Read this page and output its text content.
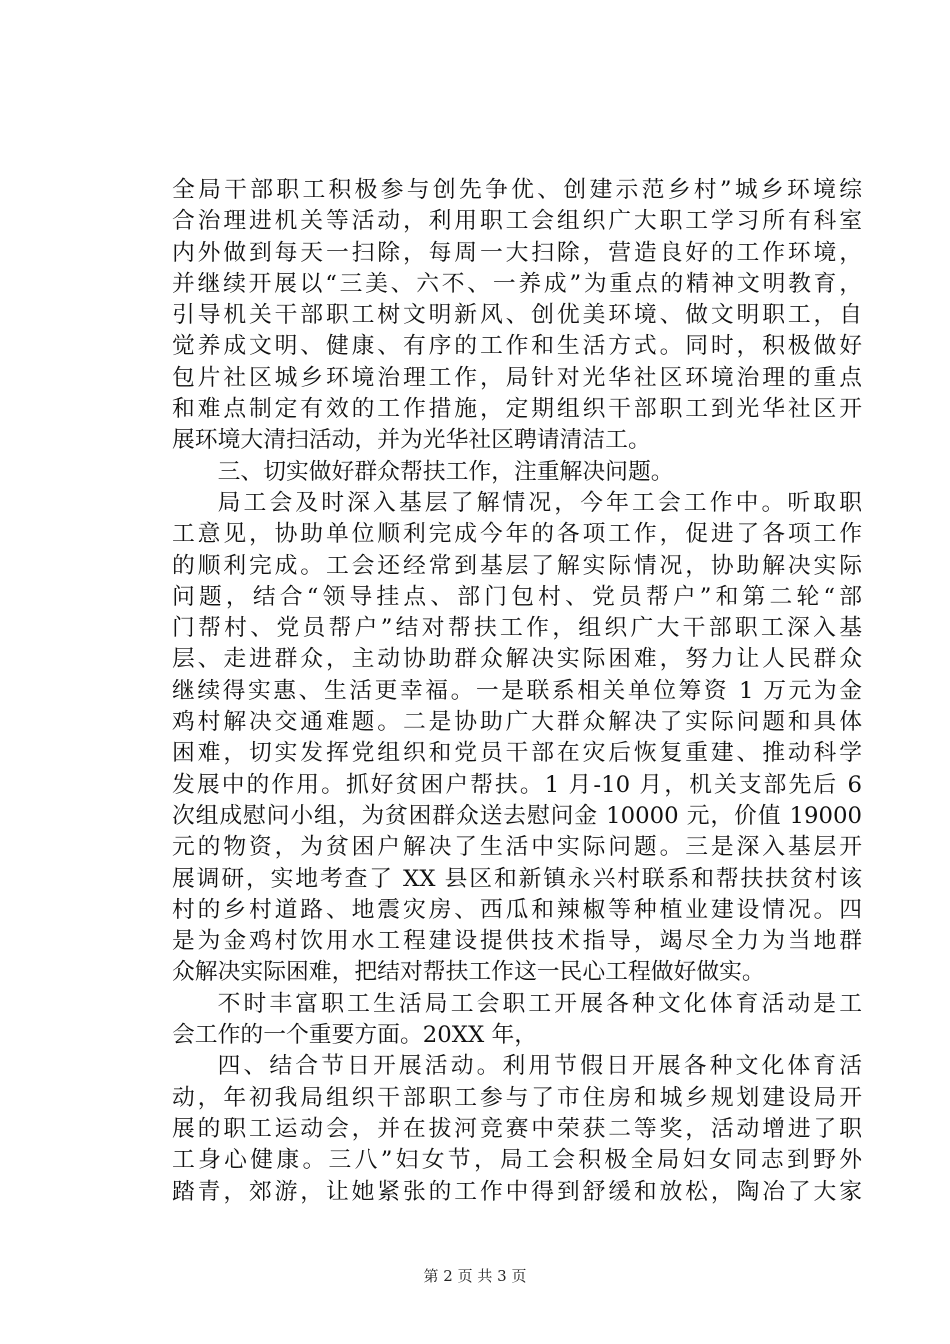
全局干部职工积极参与创先争优、创建示范乡村”城乡环境综
合治理进机关等活动，利用职工会组织广大职工学习所有科室
内外做到每天一扫除，每周一大扫除，营造良好的工作环境，
并继续开展以“三美、六不、一养成”为重点的精神文明教育，
引导机关干部职工树文明新风、创优美环境、做文明职工，自
觉养成文明、健康、有序的工作和生活方式。同时，积极做好
包片社区城乡环境治理工作，局针对光华社区环境治理的重点
和难点制定有效的工作措施，定期组织干部职工到光华社区开
展环境大清扫活动，并为光华社区聘请清洁工。
三、切实做好群众帮扶工作，注重解决问题。
局工会及时深入基层了解情况，今年工会工作中。听取职
工意见，协助单位顺利完成今年的各项工作，促进了各项工作
的顺利完成。工会还经常到基层了解实际情况，协助解决实际
问题，结合“领导挂点、部门包村、党员帮户”和第二轮“部
门帮村、党员帮户”结对帮扶工作，组织广大干部职工深入基
层、走进群众，主动协助群众解决实际困难，努力让人民群众
继续得实惠、生活更幸福。一是联系相关单位筹资 1 万元为金
鸡村解决交通难题。二是协助广大群众解决了实际问题和具体
困难，切实发挥党组织和党员干部在灾后恢复重建、推动科学
发展中的作用。抓好贫困户帮扶。1 月-10 月，机关支部先后 6
次组成慰问小组，为贫困群众送去慰问金 10000 元，价值 19000
元的物资，为贫困户解决了生活中实际问题。三是深入基层开
展调研，实地考查了 XX 县区和新镇永兴村联系和帮扶扶贫村该
村的乡村道路、地震灾房、西瓜和辣椒等种植业建设情况。四
是为金鸡村饮用水工程建设提供技术指导，竭尽全力为当地群
众解决实际困难，把结对帮扶工作这一民心工程做好做实。
不时丰富职工生活局工会职工开展各种文化体育活动是工
会工作的一个重要方面。20XX 年，
四、结合节日开展活动。利用节假日开展各种文化体育活
动，年初我局组织干部职工参与了市住房和城乡规划建设局开
展的职工运动会，并在拔河竞赛中荣获二等奖，活动增进了职
工身心健康。三八”妇女节，局工会积极全局妇女同志到野外
踏青，郊游，让她紧张的工作中得到舒缓和放松，陶冶了大家
第 2 页 共 3 页
